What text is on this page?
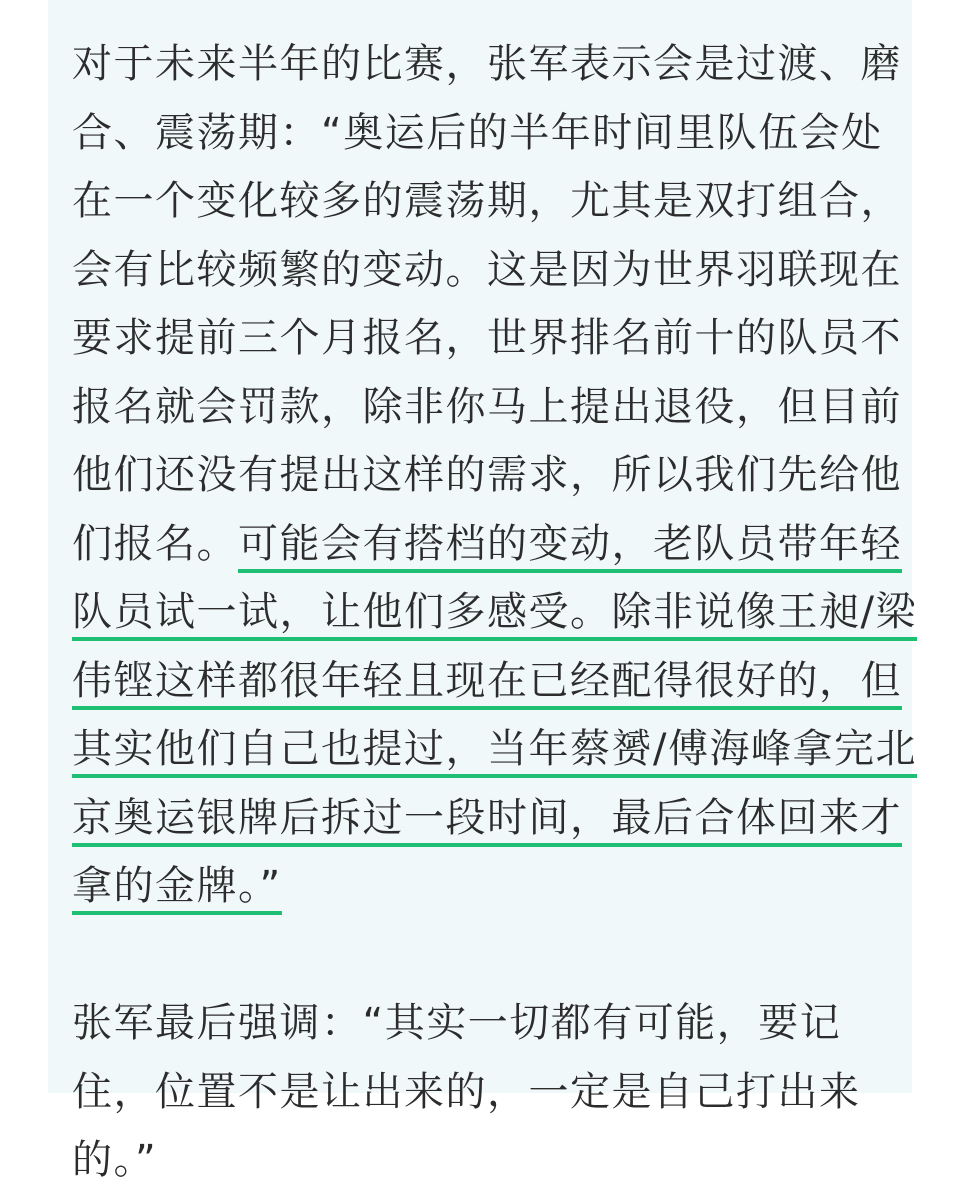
对于未来半年的比赛，张军表示会是过渡、磨
合、震荡期：“奥运后的半年时间里队伍会处
在一个变化较多的震荡期，尤其是双打组合，
会有比较频繁的变动。这是因为世界羽联现在
要求提前三个月报名，世界排名前十的队员不
报名就会罚款，除非你马上提出退役，但目前
他们还没有提出这样的需求，所以我们先给他
们报名。可能会有搭档的变动，老队员带年轻
队员试一试，让他们多感受。除非说像王昶/梁
伟铿这样都很年轻且现在已经配得很好的，但
其实他们自己也提过，当年蔡赟/傅海峰拿完北
京奥运银牌后拆过一段时间，最后合体回来才
拿的金牌。”
张军最后强调：“其实一切都有可能，要记
住，位置不是让出来的，一定是自己打出来
的。”
